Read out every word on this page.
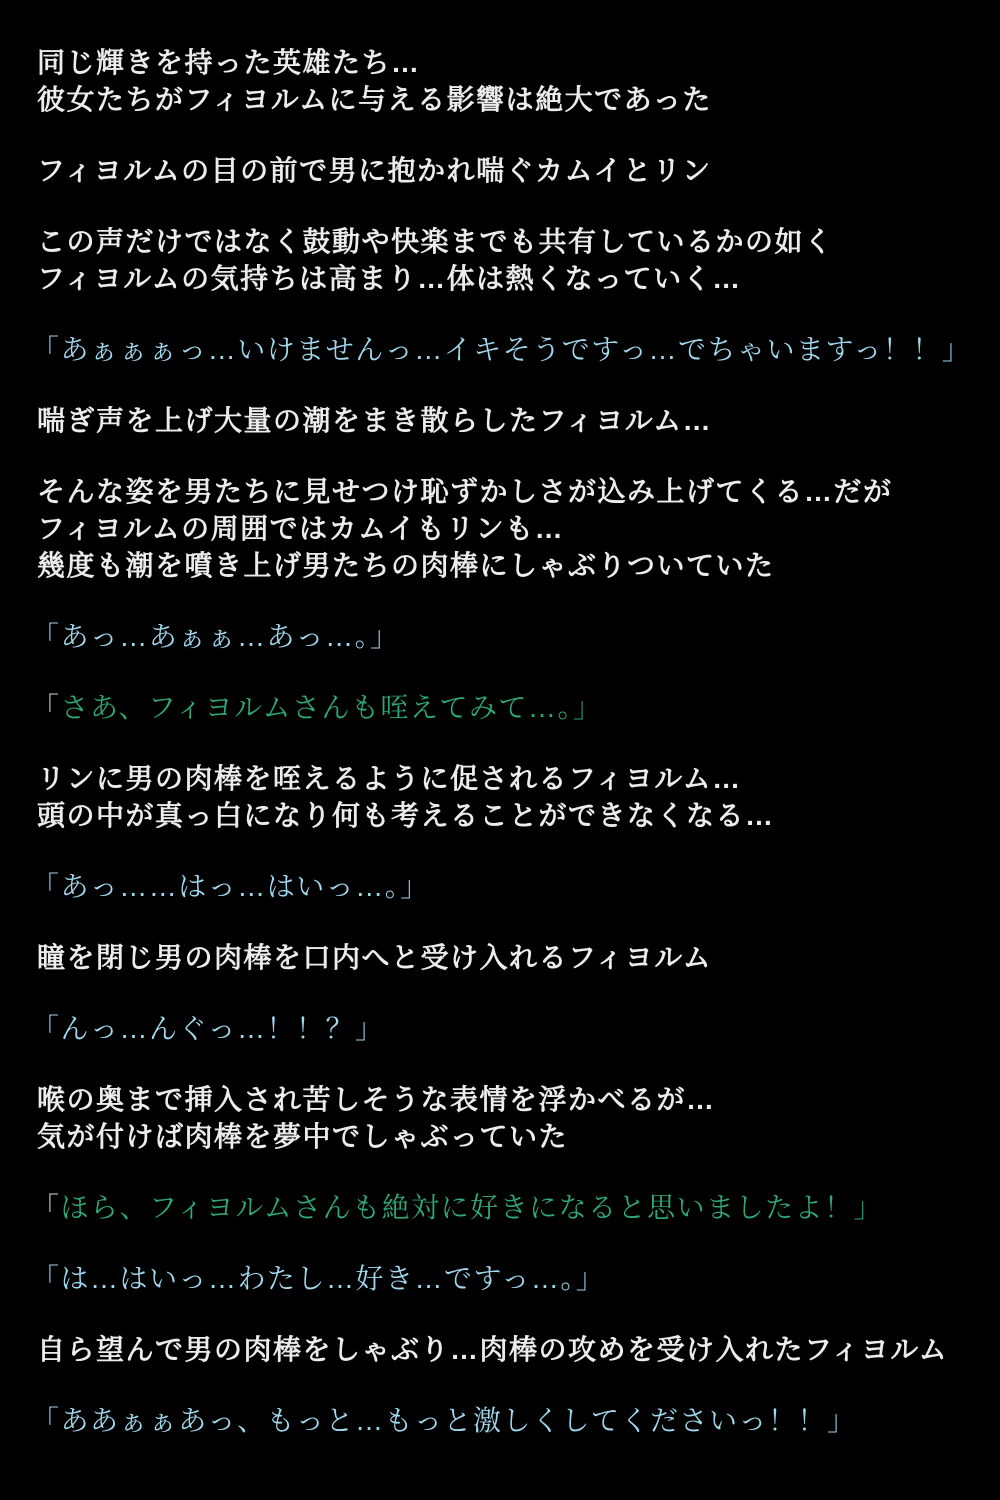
同じ輝きを持った英雄たち…
彼女たちがフィヨルムに与える影響は絶大であった

フィヨルムの目の前で男に抱かれ喘ぐカムイとリン

この声だけではなく鼓動や快楽までも共有しているかの如く
フィヨルムの気持ちは高まり…体は熱くなっていく…

「あぁぁぁっ…いけませんっ…イキそうですっ…でちゃいますっ！！」

喘ぎ声を上げ大量の潮をまき散らしたフィヨルム…

そんな姿を男たちに見せつけ恥ずかしさが込み上げてくる…だが
フィヨルムの周囲ではカムイもリンも…
幾度も潮を噴き上げ男たちの肉棒にしゃぶりついていた

「あっ…あぁぁ…あっ…。」

「さあ、フィヨルムさんも咥えてみて…。」

リンに男の肉棒を咥えるように促されるフィヨルム…
頭の中が真っ白になり何も考えることができなくなる…

「あっ……はっ…はいっ…。」

瞳を閉じ男の肉棒を口内へと受け入れるフィヨルム

「んっ…んぐっ…！！？」

喉の奥まで挿入され苦しそうな表情を浮かべるが…
気が付けば肉棒を夢中でしゃぶっていた

「ほら、フィヨルムさんも絶対に好きになると思いましたよ！」

「は…はいっ…わたし…好き…ですっ…。」

自ら望んで男の肉棒をしゃぶり…肉棒の攻めを受け入れたフィヨルム

「ああぁぁあっ、もっと…もっと激しくしてくださいっ！！」
